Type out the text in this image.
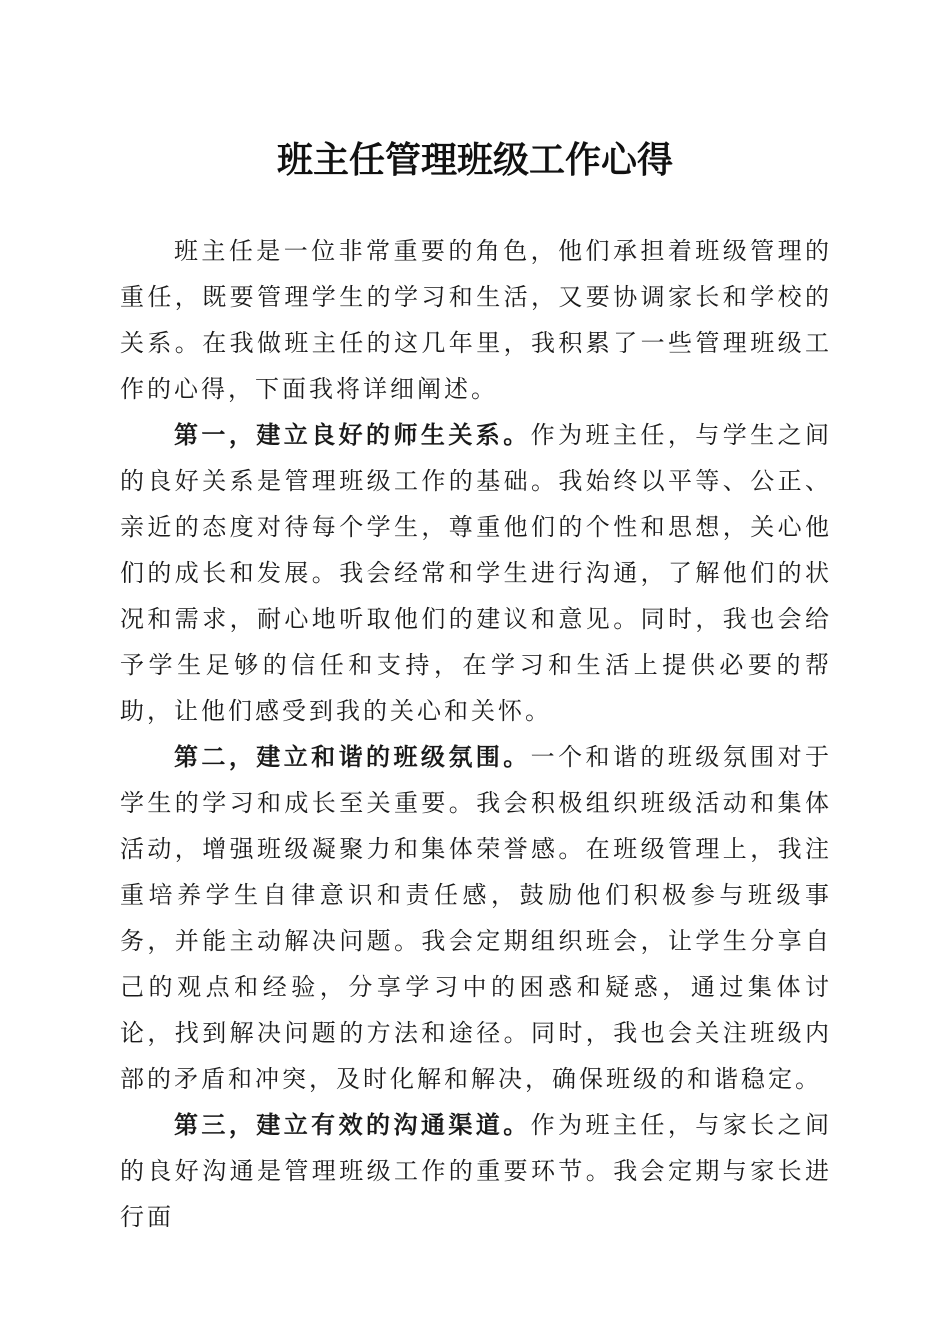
班主任管理班级工作心得

班主任是一位非常重要的角色，他们承担着班级管理的重任，既要管理学生的学习和生活，又要协调家长和学校的关系。在我做班主任的这几年里，我积累了一些管理班级工作的心得，下面我将详细阐述。

第一，建立良好的师生关系。作为班主任，与学生之间的良好关系是管理班级工作的基础。我始终以平等、公正、亲近的态度对待每个学生，尊重他们的个性和思想，关心他们的成长和发展。我会经常和学生进行沟通，了解他们的状况和需求，耐心地听取他们的建议和意见。同时，我也会给予学生足够的信任和支持，在学习和生活上提供必要的帮助，让他们感受到我的关心和关怀。

第二，建立和谐的班级氛围。一个和谐的班级氛围对于学生的学习和成长至关重要。我会积极组织班级活动和集体活动，增强班级凝聚力和集体荣誉感。在班级管理上，我注重培养学生自律意识和责任感，鼓励他们积极参与班级事务，并能主动解决问题。我会定期组织班会，让学生分享自己的观点和经验，分享学习中的困惑和疑惑，通过集体讨论，找到解决问题的方法和途径。同时，我也会关注班级内部的矛盾和冲突，及时化解和解决，确保班级的和谐稳定。

第三，建立有效的沟通渠道。作为班主任，与家长之间的良好沟通是管理班级工作的重要环节。我会定期与家长进行面
